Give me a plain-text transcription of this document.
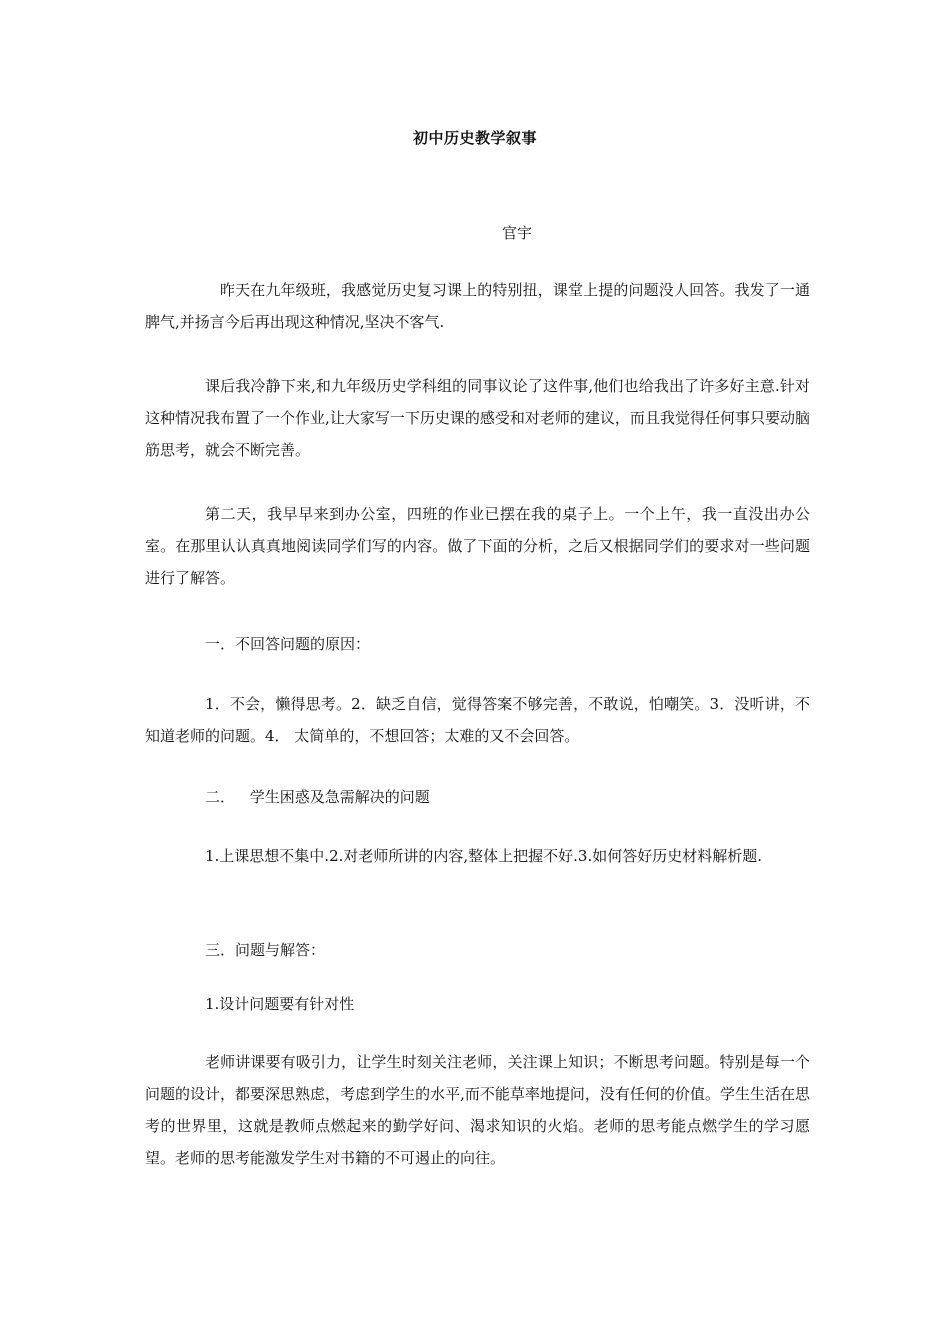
初中历史教学叙事
官宇

昨天在九年级班，我感觉历史复习课上的特别扭，课堂上提的问题没人回答。我发了一通脾气,并扬言今后再出现这种情况,坚决不客气.

课后我冷静下来,和九年级历史学科组的同事议论了这件事,他们也给我出了许多好主意.针对这种情况我布置了一个作业,让大家写一下历史课的感受和对老师的建议，而且我觉得任何事只要动脑筋思考，就会不断完善。

第二天，我早早来到办公室，四班的作业已摆在我的桌子上。一个上午，我一直没出办公室。在那里认认真真地阅读同学们写的内容。做了下面的分析，之后又根据同学们的要求对一些问题进行了解答。

一．不回答问题的原因：

1．不会，懒得思考。2．缺乏自信，觉得答案不够完善，不敢说，怕嘲笑。3．没听讲，不知道老师的问题。4． 太简单的，不想回答；太难的又不会回答。

二． 学生困惑及急需解决的问题

1.上课思想不集中.2.对老师所讲的内容,整体上把握不好.3.如何答好历史材料解析题.

三．问题与解答：

1.设计问题要有针对性

老师讲课要有吸引力，让学生时刻关注老师，关注课上知识；不断思考问题。特别是每一个问题的设计，都要深思熟虑，考虑到学生的水平,而不能草率地提问，没有任何的价值。学生生活在思考的世界里，这就是教师点燃起来的勤学好问、渴求知识的火焰。老师的思考能点燃学生的学习愿望。老师的思考能激发学生对书籍的不可遏止的向往。
